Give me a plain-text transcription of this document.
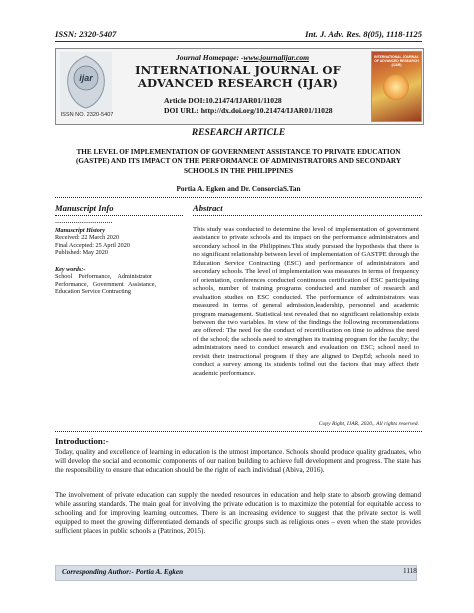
ISSN: 2320-5407	Int. J. Adv. Res. 8(05), 1118-1125
ijar
ISSN NO. 2320-5407
Journal Homepage: -www.journalijar.com
INTERNATIONAL JOURNAL OF
ADVANCED RESEARCH (IJAR)
Article DOI:10.21474/IJAR01/11028
DOI URL: http://dx.doi.org/10.21474/IJAR01/11028
INTERNATIONAL JOURNAL OF ADVANCED RESEARCH (IJAR)
RESEARCH ARTICLE
THE LEVEL OF IMPLEMENTATION OF GOVERNMENT ASSISTANCE TO PRIVATE EDUCATION
(GASTPE) AND ITS IMPACT ON THE PERFORMANCE OF ADMINISTRATORS AND SECONDARY
SCHOOLS IN THE PHILIPPINES
Portia A. Egken and Dr. ConsorciaS.Tan
Manuscript Info
……………………….
Manuscript History
Received: 22 March 2020
Final Accepted: 25 April 2020
Published: May 2020
Key words:-
School    Performance,    Administrator
Performance,   Government   Assistance,
Education Service Contracting
Abstract
This study was conducted to determine the level of implementation of government assistance to private schools and its impact on the performance administrators and secondary school in the Philippines.This study pursued the hypothesis that there is no significant relationship between level of implementation of GASTPE through the Education Service Contracting (ESC) and performance of administrators and secondary schools. The level of implementation was measures in terms of frequency of orientation, conferences conducted continuous certification of ESC participating schools, number of training programs conducted and number of research and evaluation studies on ESC conducted. The performance of administrators was measured in terms of general admission,leadership, personnel and academic program management. Statistical test revealed that no significant relationship exists between the two variables. In view of the findings the following recommendations are offered: The need for the conduct of recertification on time to address the need of the school; the schools need to strengthen its training program for the faculty; the administrators need to conduct research and evaluation on ESC; school need to revisit their instructional program if they are aligned to DepEd; schools need to conduct a survey among its students tofind out the factors that may affect their academic performance.
Copy Right, IJAR, 2020,. All rights reserved.
Introduction:-
Today, quality and excellence of learning in education is the utmost importance. Schools should produce quality graduates, who will develop the social and economic components of our nation building to achieve full development and progress. The state has the responsibility to ensure that education should be the right of each individual (Abiva, 2016).
The involvement of private education can supply the needed resources in education and help state to absorb growing demand while assuring standards. The main goal for involving the private education is to maximize the potential for equitable access to schooling and for improving learning outcomes. There is an increasing evidence to suggest that the private sector is well equipped to meet the growing differentiated demands of specific groups such as religious ones – even when the state provides sufficient places in public schools a (Patrinos, 2015).
Corresponding Author:- Portia A. Egken	1118
